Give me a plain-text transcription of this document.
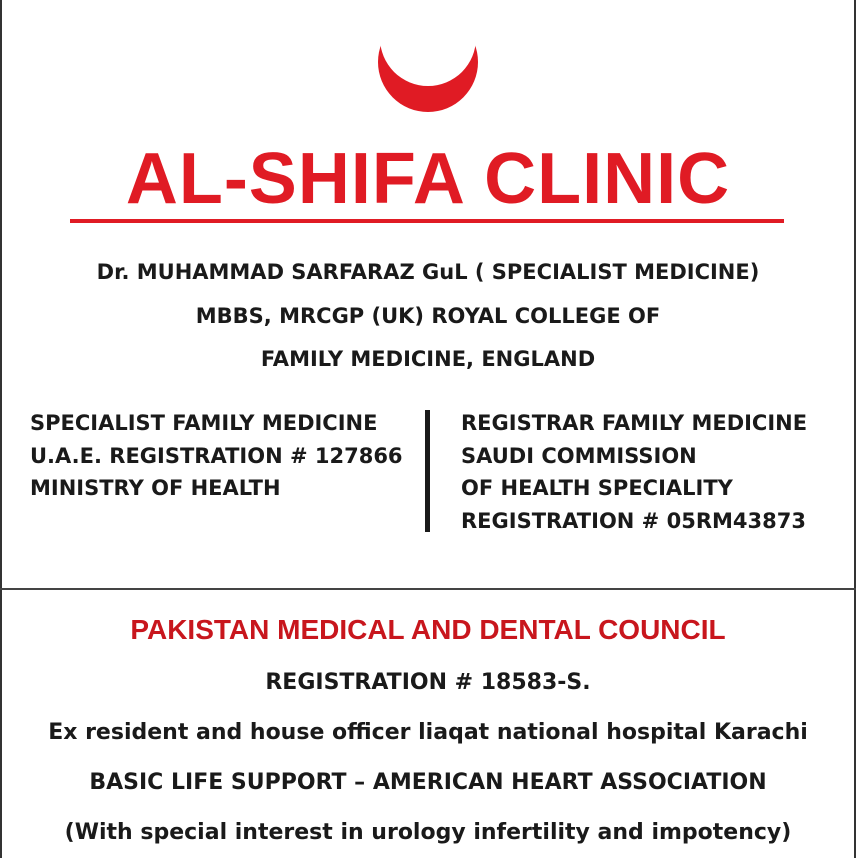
AL-SHIFA CLINIC
Dr. MUHAMMAD SARFARAZ GuL ( SPECIALIST MEDICINE)
MBBS, MRCGP (UK) ROYAL COLLEGE OF
FAMILY MEDICINE, ENGLAND
SPECIALIST FAMILY MEDICINE
U.A.E. REGISTRATION # 127866
MINISTRY OF HEALTH
REGISTRAR FAMILY MEDICINE
SAUDI COMMISSION
OF HEALTH SPECIALITY
REGISTRATION # 05RM43873
PAKISTAN MEDICAL AND DENTAL COUNCIL
REGISTRATION # 18583-S.
Ex resident and house officer liaqat national hospital Karachi
BASIC LIFE SUPPORT – AMERICAN HEART ASSOCIATION
(With special interest in urology infertility and impotency)
